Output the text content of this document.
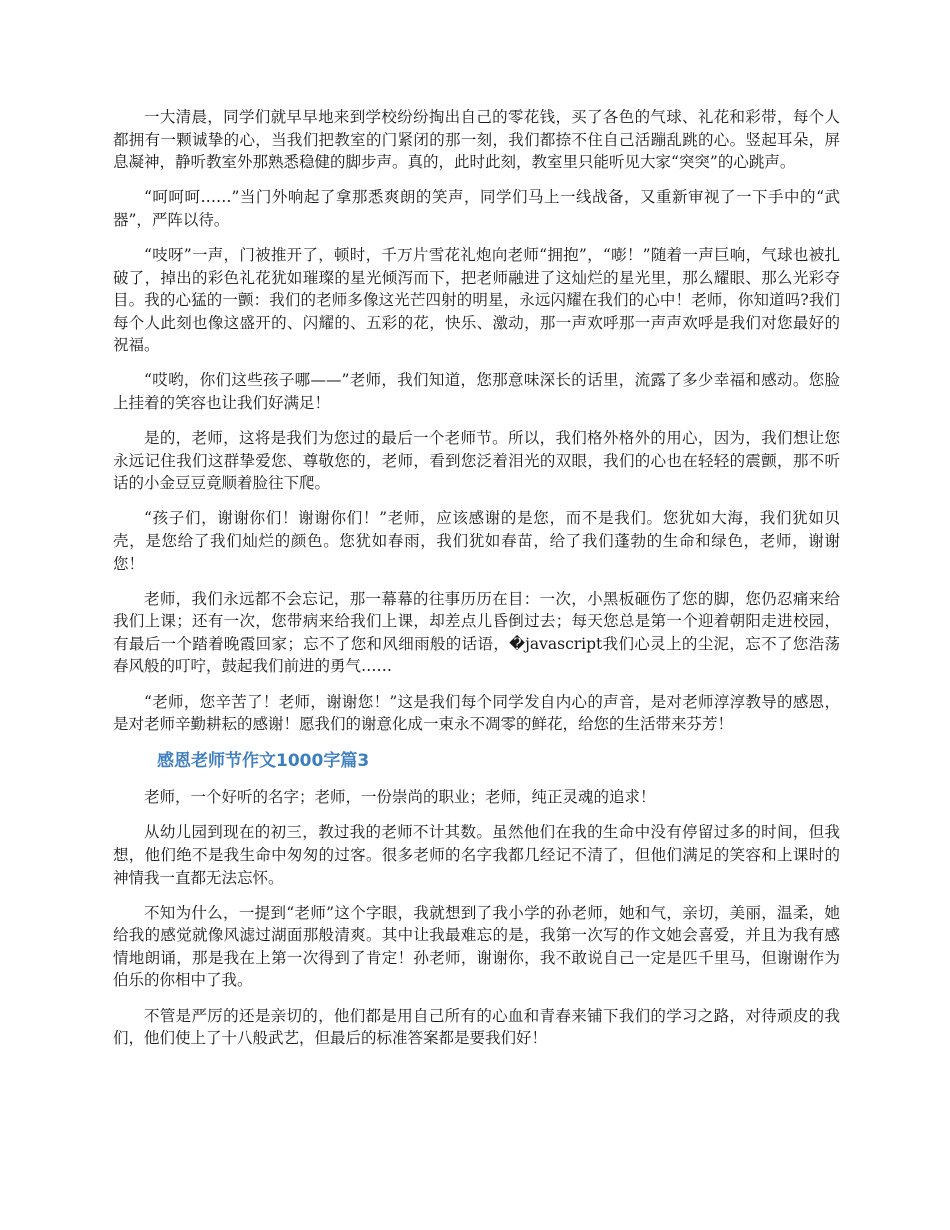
一大清晨，同学们就早早地来到学校纷纷掏出自己的零花钱，买了各色的气球、礼花和彩带，每个人都拥有一颗诚挚的心，当我们把教室的门紧闭的那一刻，我们都捺不住自己活蹦乱跳的心。竖起耳朵，屏息凝神，静听教室外那熟悉稳健的脚步声。真的，此时此刻，教室里只能听见大家“突突”的心跳声。

“呵呵呵……”当门外响起了拿那悉爽朗的笑声，同学们马上一线战备，又重新审视了一下手中的“武器”，严阵以待。

“吱呀”一声，门被推开了，顿时，千万片雪花礼炮向老师“拥抱”，“嘭！”随着一声巨响，气球也被扎破了，掉出的彩色礼花犹如璀璨的星光倾泻而下，把老师融进了这灿烂的星光里，那么耀眼、那么光彩夺目。我的心猛的一颤：我们的老师多像这光芒四射的明星，永远闪耀在我们的心中！老师，你知道吗?我们每个人此刻也像这盛开的、闪耀的、五彩的花，快乐、激动，那一声欢呼那一声声欢呼是我们对您最好的祝福。

“哎哟，你们这些孩子哪——”老师，我们知道，您那意味深长的话里，流露了多少幸福和感动。您脸上挂着的笑容也让我们好满足！

是的，老师，这将是我们为您过的最后一个老师节。所以，我们格外格外的用心，因为，我们想让您永远记住我们这群挚爱您、尊敬您的，老师，看到您泛着泪光的双眼，我们的心也在轻轻的震颤，那不听话的小金豆豆竟顺着脸往下爬。

“孩子们，谢谢你们！谢谢你们！”老师，应该感谢的是您，而不是我们。您犹如大海，我们犹如贝壳，是您给了我们灿烂的颜色。您犹如春雨，我们犹如春苗，给了我们蓬勃的生命和绿色，老师，谢谢您！

老师，我们永远都不会忘记，那一幕幕的往事历历在目：一次，小黑板砸伤了您的脚，您仍忍痛来给我们上课；还有一次，您带病来给我们上课，却差点儿昏倒过去；每天您总是第一个迎着朝阳走进校园，有最后一个踏着晚霞回家；忘不了您和风细雨般的话语，�javascript我们心灵上的尘泥，忘不了您浩荡春风般的叮咛，鼓起我们前进的勇气……

“老师，您辛苦了！老师，谢谢您！”这是我们每个同学发自内心的声音，是对老师淳淳教导的感恩，是对老师辛勤耕耘的感谢！愿我们的谢意化成一束永不凋零的鲜花，给您的生活带来芬芳！

感恩老师节作文1000字篇3

老师，一个好听的名字；老师，一份崇尚的职业；老师，纯正灵魂的追求！

从幼儿园到现在的初三，教过我的老师不计其数。虽然他们在我的生命中没有停留过多的时间，但我想，他们绝不是我生命中匆匆的过客。很多老师的名字我都几经记不清了，但他们满足的笑容和上课时的神情我一直都无法忘怀。

不知为什么，一提到“老师”这个字眼，我就想到了我小学的孙老师，她和气，亲切，美丽，温柔，她给我的感觉就像风滤过湖面那般清爽。其中让我最难忘的是，我第一次写的作文她会喜爱，并且为我有感情地朗诵，那是我在上第一次得到了肯定！孙老师，谢谢你，我不敢说自己一定是匹千里马，但谢谢作为伯乐的你相中了我。

不管是严厉的还是亲切的，他们都是用自己所有的心血和青春来铺下我们的学习之路，对待顽皮的我们，他们使上了十八般武艺，但最后的标准答案都是要我们好！
